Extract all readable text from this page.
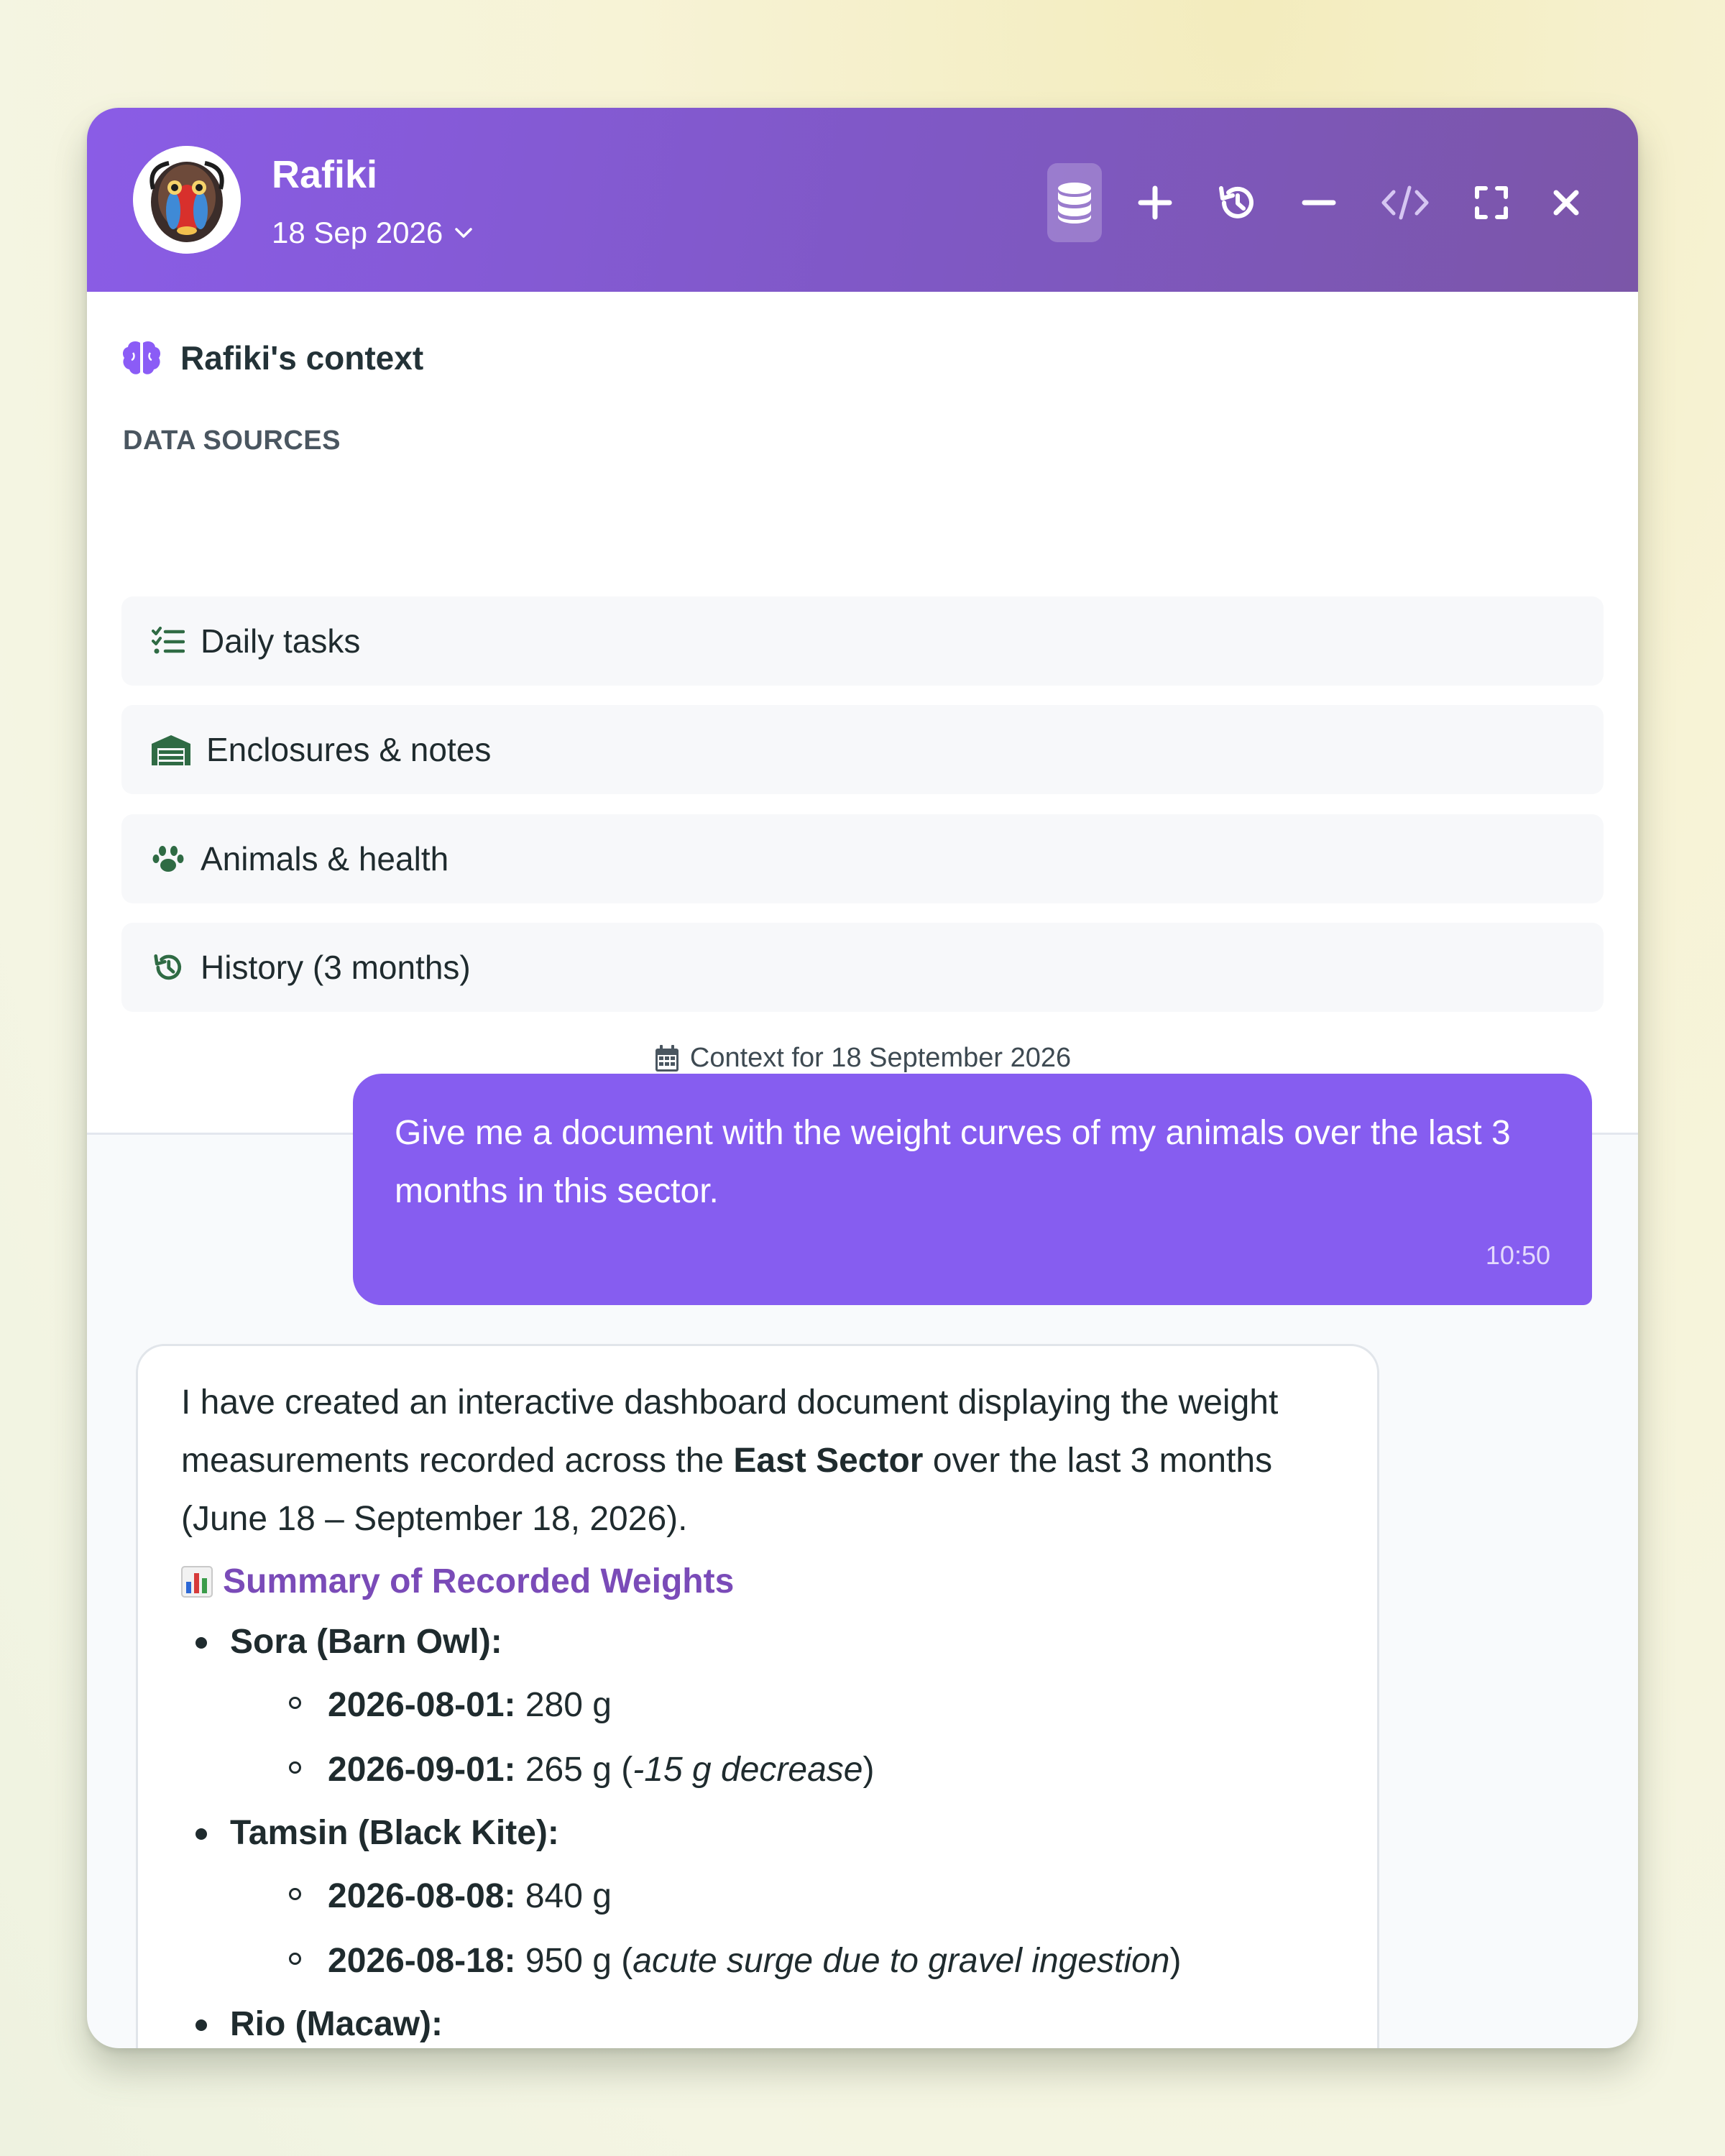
Rafiki
18 Sep 2026
Rafiki's context
DATA SOURCES
Daily tasks
Enclosures & notes
Animals & health
History (3 months)
Context for 18 September 2026
Give me a document with the weight curves of my animals over the last 3 months in this sector.
10:50

I have created an interactive dashboard document displaying the weight measurements recorded across the East Sector over the last 3 months (June 18 – September 18, 2026).

Summary of Recorded Weights
Sora (Barn Owl):
2026-08-01: 280 g
2026-09-01: 265 g (-15 g decrease)
Tamsin (Black Kite):
2026-08-08: 840 g
2026-08-18: 950 g (acute surge due to gravel ingestion)
Rio (Macaw):
